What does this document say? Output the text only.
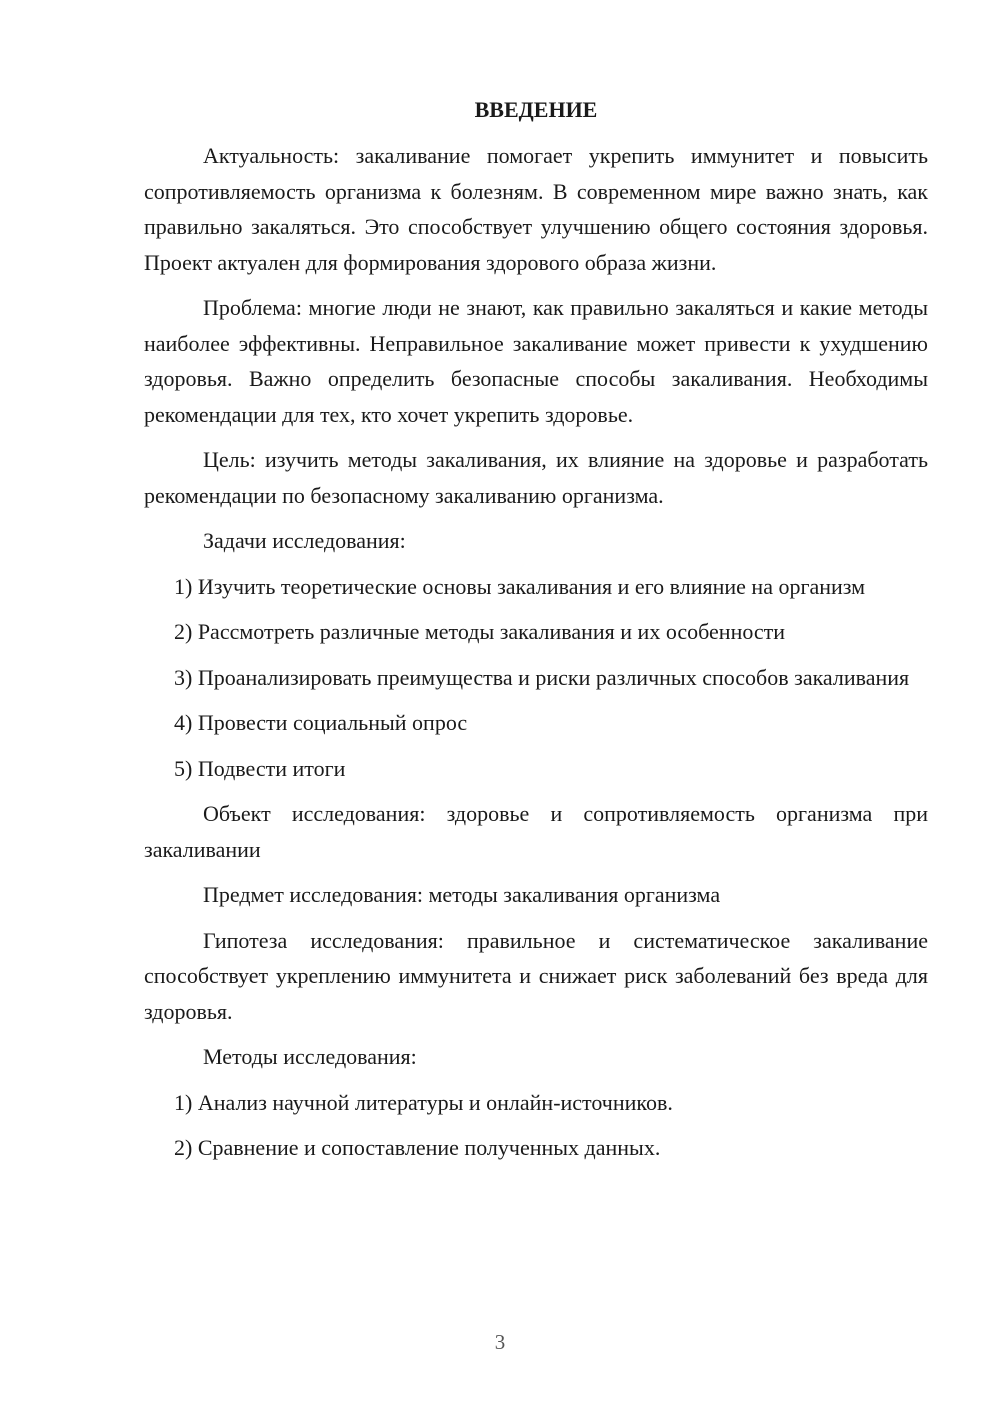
ВВЕДЕНИЕ

Актуальность: закаливание помогает укрепить иммунитет и повысить сопротивляемость организма к болезням. В современном мире важно знать, как правильно закаляться. Это способствует улучшению общего состояния здоровья. Проект актуален для формирования здорового образа жизни.

Проблема: многие люди не знают, как правильно закаляться и какие методы наиболее эффективны. Неправильное закаливание может привести к ухудшению здоровья. Важно определить безопасные способы закаливания. Необходимы рекомендации для тех, кто хочет укрепить здоровье.

Цель: изучить методы закаливания, их влияние на здоровье и разработать рекомендации по безопасному закаливанию организма.

Задачи исследования:

1) Изучить теоретические основы закаливания и его влияние на организм

2) Рассмотреть различные методы закаливания и их особенности

3) Проанализировать преимущества и риски различных способов закаливания

4) Провести социальный опрос

5) Подвести итоги

Объект исследования: здоровье и сопротивляемость организма при закаливании

Предмет исследования: методы закаливания организма

Гипотеза исследования: правильное и систематическое закаливание способствует укреплению иммунитета и снижает риск заболеваний без вреда для здоровья.

Методы исследования:

1) Анализ научной литературы и онлайн-источников.

2) Сравнение и сопоставление полученных данных.

3
